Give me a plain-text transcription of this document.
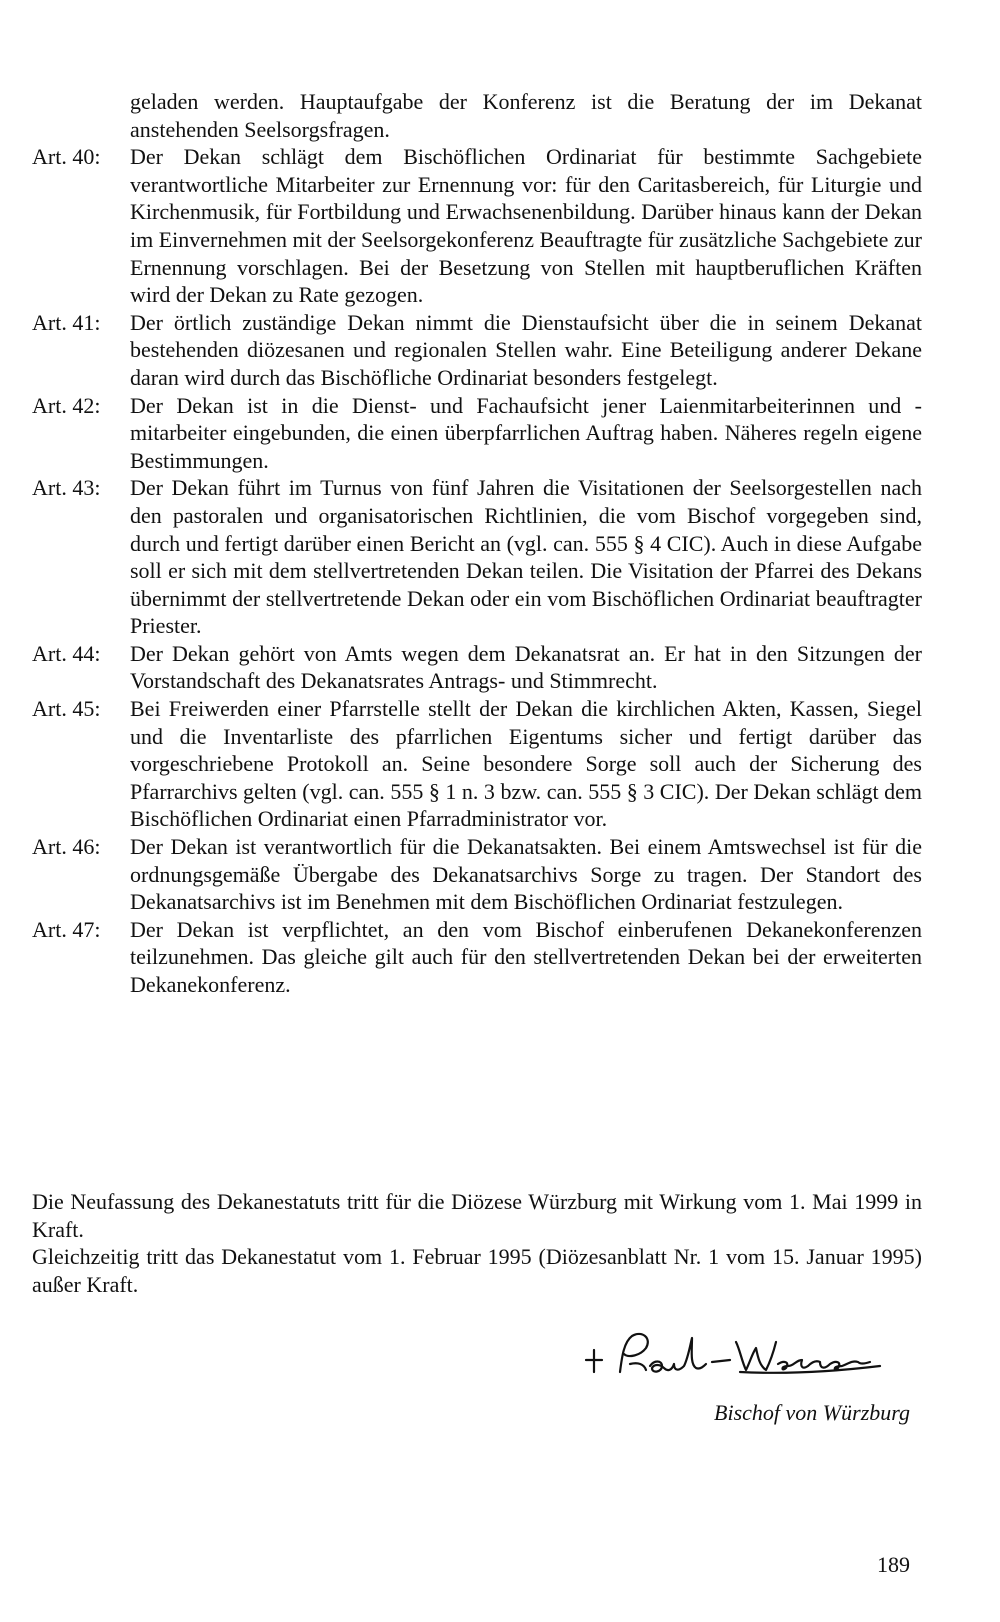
geladen werden. Hauptaufgabe der Konferenz ist die Beratung der im Dekanat anstehenden Seelsorgsfragen.

Art. 40:	Der Dekan schlägt dem Bischöflichen Ordinariat für bestimmte Sachgebiete verantwortliche Mitarbeiter zur Ernennung vor: für den Caritasbereich, für Liturgie und Kirchenmusik, für Fortbildung und Erwachsenenbildung. Darüber hinaus kann der Dekan im Einvernehmen mit der Seelsorgekonferenz Beauftragte für zusätzliche Sachgebiete zur Ernennung vorschlagen. Bei der Besetzung von Stellen mit hauptberuflichen Kräften wird der Dekan zu Rate gezogen.

Art. 41:	Der örtlich zuständige Dekan nimmt die Dienstaufsicht über die in seinem Dekanat bestehenden diözesanen und regionalen Stellen wahr. Eine Beteiligung anderer Dekane daran wird durch das Bischöfliche Ordinariat besonders festgelegt.

Art. 42:	Der Dekan ist in die Dienst- und Fachaufsicht jener Laienmitarbeiterinnen und -mitarbeiter eingebunden, die einen überpfarrlichen Auftrag haben. Näheres regeln eigene Bestimmungen.

Art. 43:	Der Dekan führt im Turnus von fünf Jahren die Visitationen der Seelsorgestellen nach den pastoralen und organisatorischen Richtlinien, die vom Bischof vorgegeben sind, durch und fertigt darüber einen Bericht an (vgl. can. 555 § 4 CIC). Auch in diese Aufgabe soll er sich mit dem stellvertretenden Dekan teilen. Die Visitation der Pfarrei des Dekans übernimmt der stellvertretende Dekan oder ein vom Bischöflichen Ordinariat beauftragter Priester.

Art. 44:	Der Dekan gehört von Amts wegen dem Dekanatsrat an. Er hat in den Sitzungen der Vorstandschaft des Dekanatsrates Antrags- und Stimmrecht.

Art. 45:	Bei Freiwerden einer Pfarrstelle stellt der Dekan die kirchlichen Akten, Kassen, Siegel und die Inventarliste des pfarrlichen Eigentums sicher und fertigt darüber das vorgeschriebene Protokoll an. Seine besondere Sorge soll auch der Sicherung des Pfarrarchivs gelten (vgl. can. 555 § 1 n. 3 bzw. can. 555 § 3 CIC). Der Dekan schlägt dem Bischöflichen Ordinariat einen Pfarradministrator vor.

Art. 46:	Der Dekan ist verantwortlich für die Dekanatsakten. Bei einem Amtswechsel ist für die ordnungsgemäße Übergabe des Dekanatsarchivs Sorge zu tragen. Der Standort des Dekanatsarchivs ist im Benehmen mit dem Bischöflichen Ordinariat festzulegen.

Art. 47:	Der Dekan ist verpflichtet, an den vom Bischof einberufenen Dekanekonferenzen teilzunehmen. Das gleiche gilt auch für den stellvertretenden Dekan bei der erweiterten Dekanekonferenz.

Die Neufassung des Dekanestatuts tritt für die Diözese Würzburg mit Wirkung vom 1. Mai 1999 in Kraft.

Gleichzeitig tritt das Dekanestatut vom 1. Februar 1995 (Diözesanblatt Nr. 1 vom 15. Januar 1995) außer Kraft.

Bischof von Würzburg
189
